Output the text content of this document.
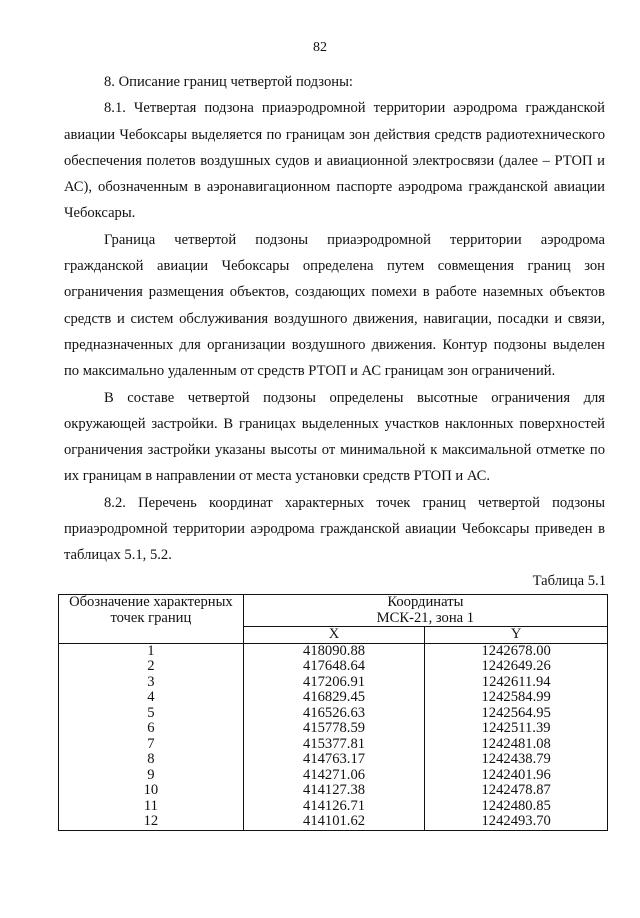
82

8. Описание границ четвертой подзоны:

8.1. Четвертая подзона приаэродромной территории аэродрома гражданской авиации Чебоксары выделяется по границам зон действия средств радиотехнического обеспечения полетов воздушных судов и авиационной электросвязи (далее – РТОП и АС), обозначенным в аэронавигационном паспорте аэродрома гражданской авиации Чебоксары.

Граница четвертой подзоны приаэродромной территории аэродрома гражданской авиации Чебоксары определена путем совмещения границ зон ограничения размещения объектов, создающих помехи в работе наземных объектов средств и систем обслуживания воздушного движения, навигации, посадки и связи, предназначенных для организации воздушного движения. Контур подзоны выделен по максимально удаленным от средств РТОП и АС границам зон ограничений.

В составе четвертой подзоны определены высотные ограничения для окружающей застройки. В границах выделенных участков наклонных поверхностей ограничения застройки указаны высоты от минимальной к максимальной отметке по их границам в направлении от места установки средств РТОП и АС.

8.2. Перечень координат характерных точек границ четвертой подзоны приаэродромной территории аэродрома гражданской авиации Чебоксары приведен в таблицах 5.1, 5.2.

Таблица 5.1
Обозначение характерных точек границ	Координаты
МСК-21, зона 1	
	X	Y
1	418090.88	1242678.00
2	417648.64	1242649.26
3	417206.91	1242611.94
4	416829.45	1242584.99
5	416526.63	1242564.95
6	415778.59	1242511.39
7	415377.81	1242481.08
8	414763.17	1242438.79
9	414271.06	1242401.96
10	414127.38	1242478.87
11	414126.71	1242480.85
12	414101.62	1242493.70
